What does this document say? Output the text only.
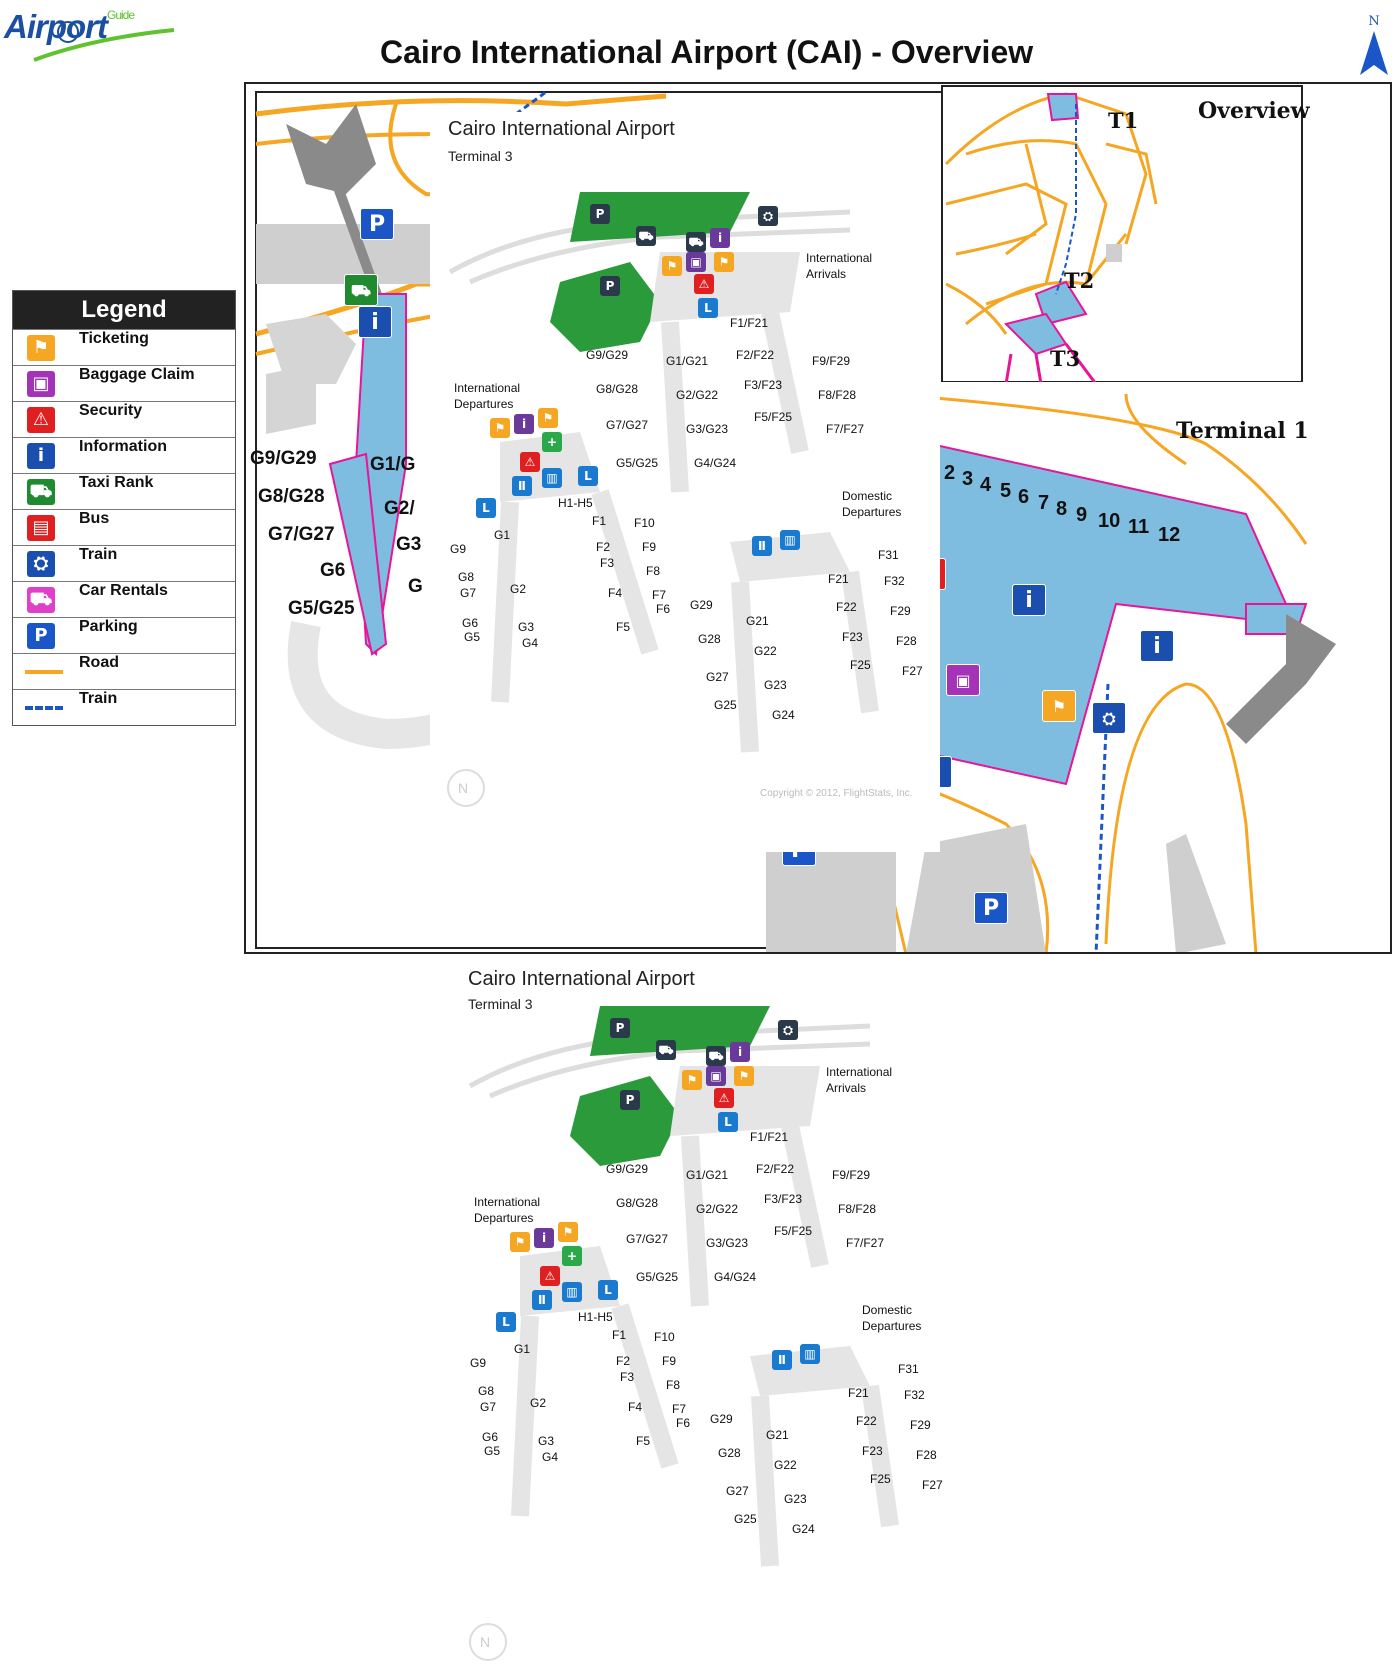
Airport Guide
Cairo International Airport (CAI) - Overview
N
Legend
⚑	Ticketing
▣	Baggage Claim
⚠	Security
i	Information
⛟ Taxi Rank
▤	Bus
⛭	Train
⛟ Car Rentals
P	Parking
Road
Train
G9/G29
G8/G28
G7/G27
G6
G5/G25
G1/G
G2/
G3
G
P
⛟
i
Overview
T1
T2
T3
Terminal 1
2 3 4 5 6 7 8 9 10 11 12
i
▣
⚑
i
⛭
P
Cairo International Airport
Terminal 3
P
P
⛟	⛟	i
⚑	▣	⚑
⚠
L
⛭
International
Arrivals
F1/F21
G9/G29	G1/G21 F2/F22	F9/F29
G8/G28	G2/G22
F3/F23
F8/F28
G7/G27	G3/G23
F5/F25
F7/F27
G5/G25	G4/G24
International
Departures
⚑	i	⚑
+
⚠
Ⅱ
▥	L
L	H1-H5
G1
G9
G8
G7	G2
G6
G5
G3
G4
F1 F10
F2	F9
F3
F8
F4 F7
F6
F5
Domestic
Departures
Ⅱ	▥
F31
F21	F32
G29	F22	F29
G21
G28	F23	F28
G22
F25	F27
G27
G23
G25
G24
N	Copyright © 2012, FlightStats, Inc.
Cairo International Airport
Terminal 3
P
P
⛟	⛟	i
⚑	▣	⚑
⚠
L
⛭
International
Arrivals
F1/F21
G9/G29	G1/G21 F2/F22	F9/F29
G8/G28	G2/G22
F3/F23
F8/F28
G7/G27	G3/G23
F5/F25
F7/F27
G5/G25	G4/G24
International
Departures
⚑	i	⚑
+
⚠
Ⅱ
▥	L
L	H1-H5
G1
G9
G8
G7	G2
G6
G5
G3
G4
F1 F10
F2	F9
F3
F8
F4 F7
F6
F5
Domestic
Departures
Ⅱ	▥
F31
F21	F32
G29	F22	F29
G21
G28	F23	F28
G22
F25	F27
G27
G23
G25
G24
N
